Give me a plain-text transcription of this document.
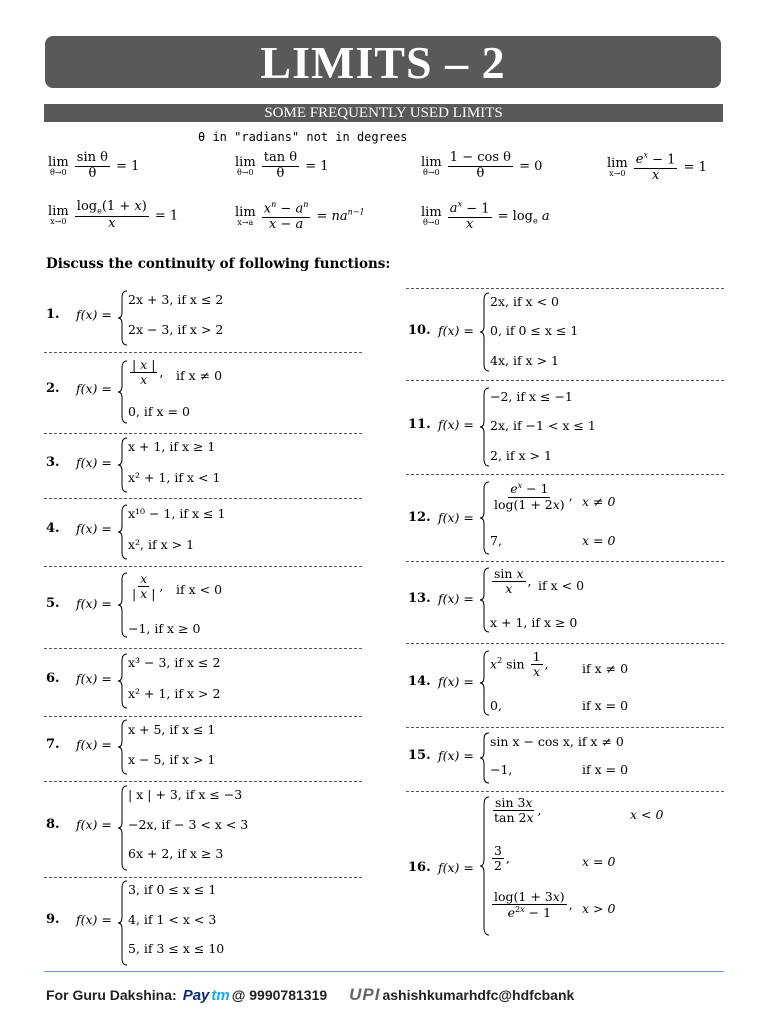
LIMITS – 2
SOME FREQUENTLY USED LIMITS
θ in "radians" not in degrees
lim
θ→0
$\frac{\text{sin θ}}{\theta} = 1$	lim
θ→0
$\frac{\text{tan θ}}{\theta} = 1$	lim
θ→0
$\frac{\text{1 − cos θ}}{\theta} = 0$	lim
x→0
$\frac{e^x - 1}{x} = 1$
lim
x→0
$\frac{\log_e(1 + x)}{x} = 1$	lim
x→a
$\frac{x^n - a^n}{x - a} = na^{n-1}$	lim
θ→0
$\frac{a^x - 1}{x} = \log_e a$
Discuss the continuity of following functions:
1. f(x) =
2x + 3, if x ≤ 2
2x − 3, if x > 2
2. f(x) =
$\frac{| x |}{x}$ , if x ≠ 0
0, if x = 0
3. f(x) =
x + 1, if x ≥ 1
x² + 1, if x < 1
4. f(x) =
x¹⁰ − 1, if x ≤ 1
x², if x > 1
5. f(x) =
$\frac{x}{| x |}$ , if x < 0
−1, if x ≥ 0
6. f(x) =
x³ − 3, if x ≤ 2
x² + 1, if x > 2
7. f(x) =
x + 5, if x ≤ 1
x − 5, if x > 1
8. f(x) =
| x | + 3, if x ≤ −3
−2x, if − 3 < x < 3
6x + 2, if x ≥ 3
9. f(x) =
3, if 0 ≤ x ≤ 1
4, if 1 < x < 3
5, if 3 ≤ x ≤ 10
10. f(x) =
2x, if x < 0
0, if 0 ≤ x ≤ 1
4x, if x > 1
11. f(x) =
−2, if x ≤ −1
2x, if −1 < x ≤ 1
2, if x > 1
12. f(x) =
$\frac{e^x - 1}{\log(1 + 2x)}$ , x ≠ 0
7,	x = 0
13. f(x) =
$\frac{\text{sin x}}{x}$ , if x < 0
x + 1, if x ≥ 0
14. f(x) =
$x^2$ $\sin \frac{1}{x}$ ,	if x ≠ 0
0,	if x = 0
15. f(x) =
sin x − cos x, if x ≠ 0
−1,	if x = 0
16. f(x) =
$\frac{\sin 3x}{\tan 2x}$ ,	x < 0
$\frac{3}{2}$ ,	x = 0
$\frac{\log(1 + 3x)}{e^{2x} - 1}$ , x > 0
For Guru Dakshina: Pay tm @ 9990781319 UPI ashishkumarhdfc@hdfcbank
